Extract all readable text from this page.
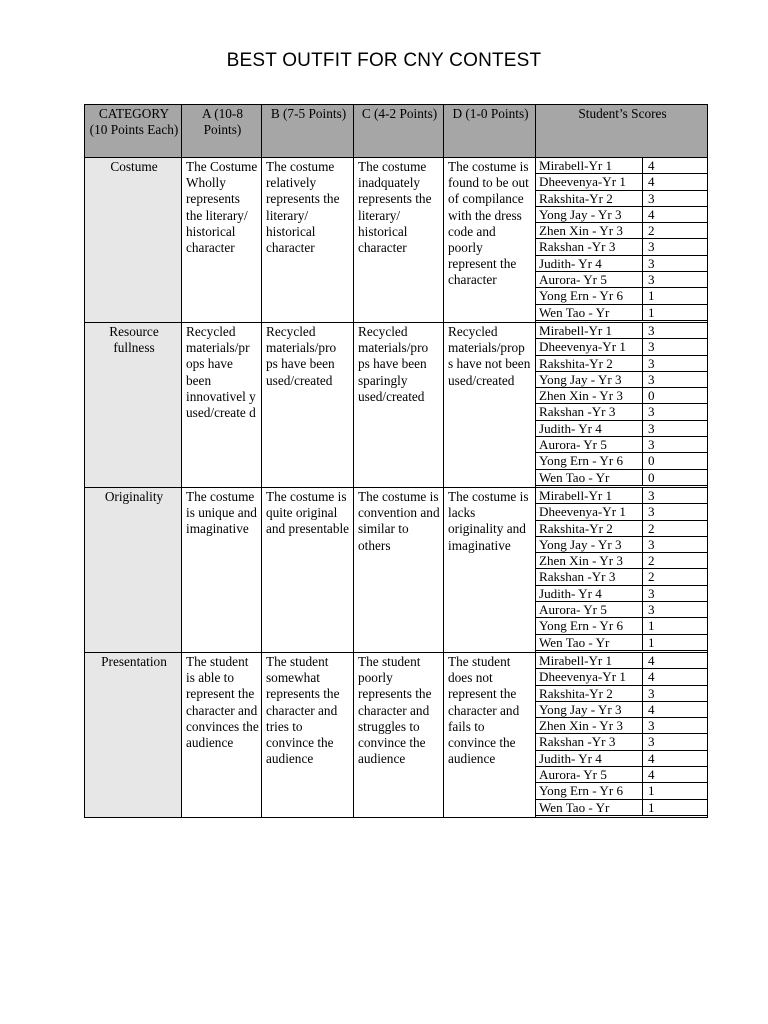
BEST OUTFIT FOR CNY CONTEST
CATEGORY (10 Points Each)	A (10-8 Points)	B (7-5 Points)	C (4-2 Points)	D (1-0 Points)	Student’s Scores
Costume	The Costume Wholly represents the literary/ historical character	The costume relatively represents the literary/ historical character	The costume inadquately represents the literary/ historical character	The costume is found to be out of compilance with the dress code and poorly represent the character	
Mirabell-Yr 1	4
Dheevenya-Yr 1	4
Rakshita-Yr 2	3
Yong Jay - Yr 3	4
Zhen Xin - Yr 3	2
Rakshan -Yr 3	3
Judith- Yr 4	3
Aurora- Yr 5	3
Yong Ern - Yr 6	1
Wen Tao - Yr	1

Resource fullness	Recycled materials/pr ops have been innovativel y used/create d	Recycled materials/pro ps have been used/created	Recycled materials/pro ps have been sparingly used/created	Recycled materials/prop s have not been used/created	
Mirabell-Yr 1	3
Dheevenya-Yr 1	3
Rakshita-Yr 2	3
Yong Jay - Yr 3	3
Zhen Xin - Yr 3	0
Rakshan -Yr 3	3
Judith- Yr 4	3
Aurora- Yr 5	3
Yong Ern - Yr 6	0
Wen Tao - Yr	0

Originality	The costume is unique and imaginative	The costume is quite original and presentable	The costume is convention and similar to others	The costume is lacks originality and imaginative	
Mirabell-Yr 1	3
Dheevenya-Yr 1	3
Rakshita-Yr 2	2
Yong Jay - Yr 3	3
Zhen Xin - Yr 3	2
Rakshan -Yr 3	2
Judith- Yr 4	3
Aurora- Yr 5	3
Yong Ern - Yr 6	1
Wen Tao - Yr	1

Presentation	The student is able to represent the character and convinces the audience	The student somewhat represents the character and tries to convince the audience	The student poorly represents the character and struggles to convince the audience	The student does not represent the character and fails to convince the audience	
Mirabell-Yr 1	4
Dheevenya-Yr 1	4
Rakshita-Yr 2	3
Yong Jay - Yr 3	4
Zhen Xin - Yr 3	3
Rakshan -Yr 3	3
Judith- Yr 4	4
Aurora- Yr 5	4
Yong Ern - Yr 6	1
Wen Tao - Yr	1
